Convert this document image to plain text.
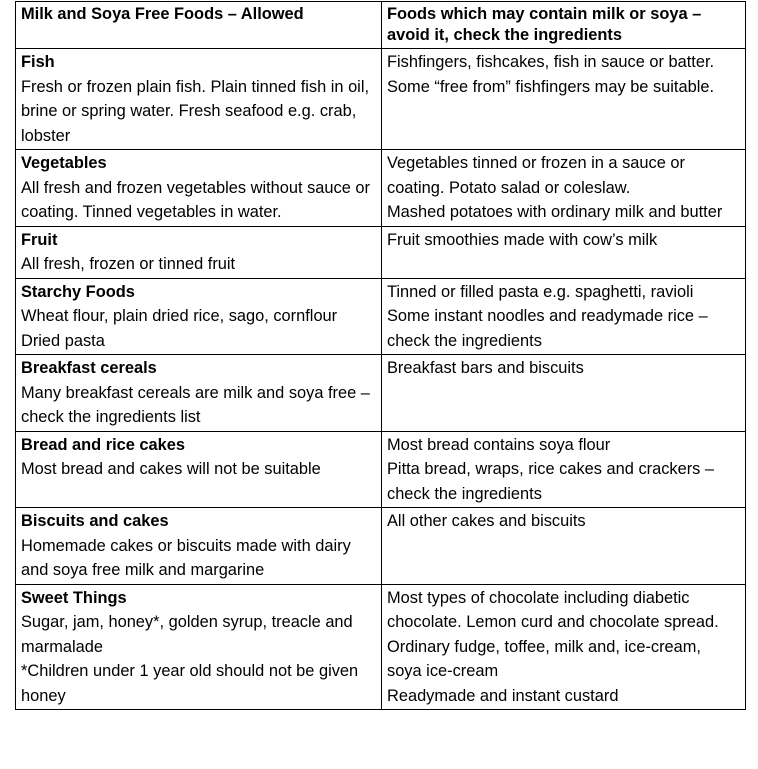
Milk and Soya Free Foods – Allowed	Foods which may contain milk or soya – avoid it, check the ingredients

Fish
Fresh or frozen plain fish. Plain tinned fish in oil, brine or spring water. Fresh seafood e.g. crab, lobster	Fishfingers, fishcakes, fish in sauce or batter. Some “free from” fishfingers may be suitable.

Vegetables
All fresh and frozen vegetables without sauce or coating. Tinned vegetables in water.	Vegetables tinned or frozen in a sauce or coating. Potato salad or coleslaw.
Mashed potatoes with ordinary milk and butter

Fruit
All fresh, frozen or tinned fruit	Fruit smoothies made with cow’s milk

Starchy Foods
Wheat flour, plain dried rice, sago, cornflour
Dried pasta	Tinned or filled pasta e.g. spaghetti, ravioli
Some instant noodles and readymade rice – check the ingredients

Breakfast cereals
Many breakfast cereals are milk and soya free – check the ingredients list	Breakfast bars and biscuits

Bread and rice cakes
Most bread and cakes will not be suitable	Most bread contains soya flour
Pitta bread, wraps, rice cakes and crackers – check the ingredients

Biscuits and cakes
Homemade cakes or biscuits made with dairy and soya free milk and margarine	All other cakes and biscuits

Sweet Things
Sugar, jam, honey*, golden syrup, treacle and marmalade
*Children under 1 year old should not be given honey	Most types of chocolate including diabetic chocolate. Lemon curd and chocolate spread. Ordinary fudge, toffee, milk and, ice-cream, soya ice-cream
Readymade and instant custard
